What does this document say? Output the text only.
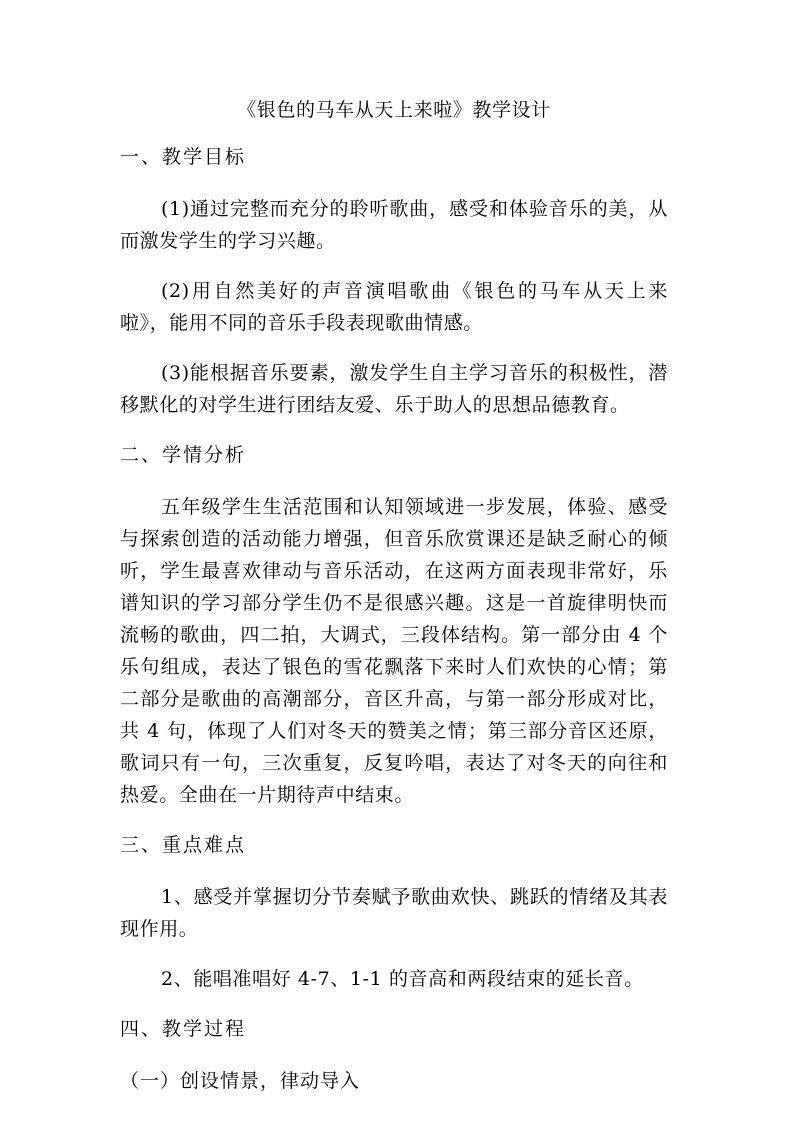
《银色的马车从天上来啦》教学设计
一、教学目标
(1)通过完整而充分的聆听歌曲，感受和体验音乐的美，从而激发学生的学习兴趣。
(2)用自然美好的声音演唱歌曲《银色的马车从天上来啦》，能用不同的音乐手段表现歌曲情感。
(3)能根据音乐要素，激发学生自主学习音乐的积极性，潜移默化的对学生进行团结友爱、乐于助人的思想品德教育。
二、学情分析
五年级学生生活范围和认知领域进一步发展，体验、感受与探索创造的活动能力增强，但音乐欣赏课还是缺乏耐心的倾听，学生最喜欢律动与音乐活动，在这两方面表现非常好，乐谱知识的学习部分学生仍不是很感兴趣。这是一首旋律明快而流畅的歌曲，四二拍，大调式，三段体结构。第一部分由 4 个乐句组成，表达了银色的雪花飘落下来时人们欢快的心情；第二部分是歌曲的高潮部分，音区升高，与第一部分形成对比，共 4 句，体现了人们对冬天的赞美之情；第三部分音区还原，歌词只有一句，三次重复，反复吟唱，表达了对冬天的向往和热爱。全曲在一片期待声中结束。
三、重点难点
1、感受并掌握切分节奏赋予歌曲欢快、跳跃的情绪及其表现作用。
2、能唱准唱好 4-7、1-1 的音高和两段结束的延长音。
四、教学过程
（一）创设情景，律动导入
